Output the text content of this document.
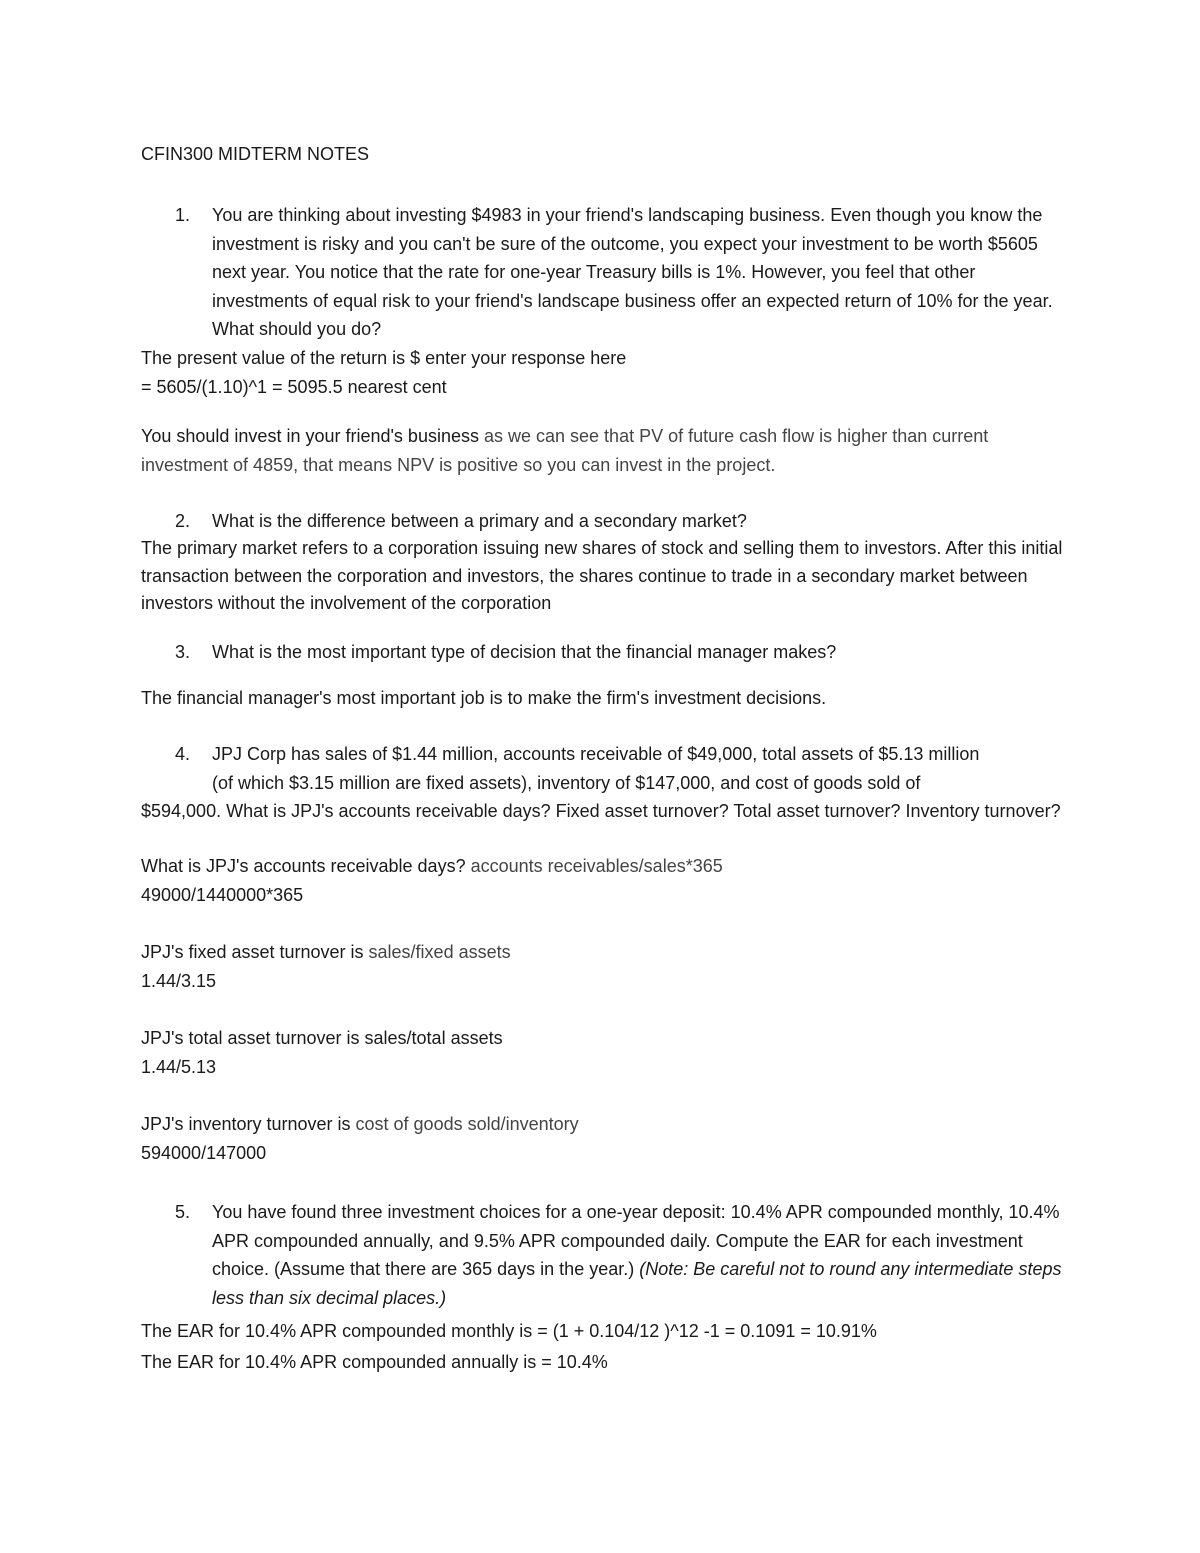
CFIN300 MIDTERM NOTES
1. You are thinking about investing $4983 in your friend's landscaping business. Even though you know the investment is risky and you can't be sure of the outcome, you expect your investment to be worth $5605 next year. You notice that the rate for one-year Treasury bills is 1%. However, you feel that other investments of equal risk to your friend's landscape business offer an expected return of 10% for the year. What should you do?
The present value of the return is $ enter your response here
= 5605/(1.10)^1 = 5095.5 nearest cent
You should invest in your friend's business as we can see that PV of future cash flow is higher than current investment of 4859, that means NPV is positive so you can invest in the project.
2. What is the difference between a primary and a secondary market?
The primary market refers to a corporation issuing new shares of stock and selling them to investors. After this initial transaction between the corporation and investors, the shares continue to trade in a secondary market between investors without the involvement of the corporation
3. What is the most important type of decision that the financial manager makes?
The financial manager's most important job is to make the firm's investment decisions.
4. JPJ Corp has sales of $1.44 million, accounts receivable of $49,000, total assets of $5.13 million
(of which $3.15 million are fixed assets), inventory of $147,000, and cost of goods sold of
$594,000. What is JPJ's accounts receivable days? Fixed asset turnover? Total asset turnover? Inventory turnover?
What is JPJ's accounts receivable days? accounts receivables/sales*365
49000/1440000*365
JPJ's fixed asset turnover is sales/fixed assets
1.44/3.15
JPJ's total asset turnover is sales/total assets
1.44/5.13
JPJ's inventory turnover is cost of goods sold/inventory
594000/147000
5. You have found three investment choices for a one-year deposit: 10.4% APR compounded monthly, 10.4% APR compounded annually, and 9.5% APR compounded daily. Compute the EAR for each investment choice. (Assume that there are 365 days in the year.) (Note: Be careful not to round any intermediate steps less than six decimal places.)
The EAR for 10.4% APR compounded monthly is = (1 + 0.104/12 )^12 -1 = 0.1091 = 10.91%
The EAR for 10.4% APR compounded annually is = 10.4%
